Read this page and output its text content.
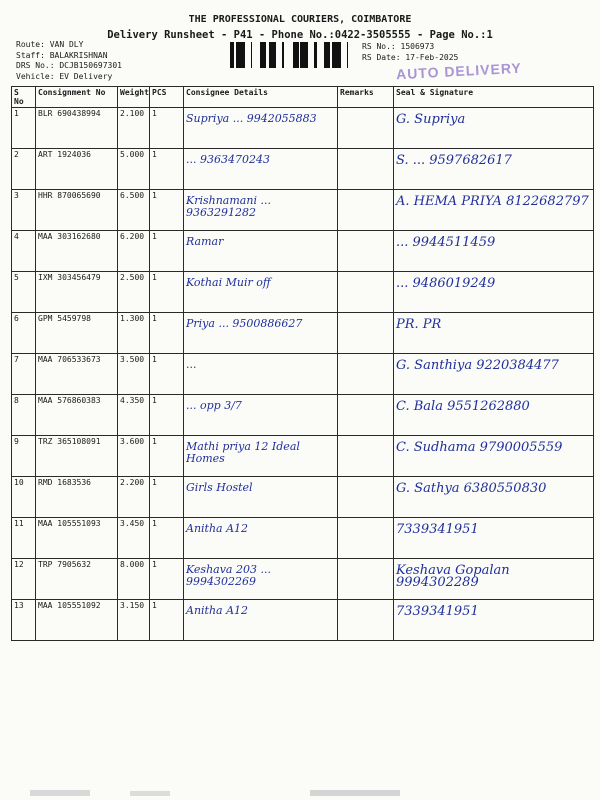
THE PROFESSIONAL COURIERS, COIMBATORE
Delivery Runsheet - P41 - Phone No.:0422-3505555 - Page No.:1
Route: VAN DLY
Staff: BALAKRISHNAN
DRS No.: DCJB150697301
Vehicle: EV Delivery
RS No.: 1506973
RS Date: 17-Feb-2025
AUTO DELIVERY
S No	Consignment No	Weight	PCS	Consignee Details	Remarks	Seal & Signature
1	BLR 690438994	2.100	1	Supriya ... 9942055883		G. Supriya

2	ART 1924036	5.000	1	... 9363470243		S. ... 9597682617

3	HHR 870065690	6.500	1	Krishnamani ... 9363291282		A. HEMA PRIYA 8122682797

4	MAA 303162680	6.200	1	Ramar		... 9944511459

5	IXM 303456479	2.500	1	Kothai Muir off		... 9486019249

6	GPM 5459798	1.300	1	Priya ... 9500886627		PR. PR

7	MAA 706533673	3.500	1	...		G. Santhiya 9220384477

8	MAA 576860383	4.350	1	... opp 3/7		C. Bala 9551262880

9	TRZ 365108091	3.600	1	Mathi priya 12 Ideal Homes		C. Sudhama 9790005559

10	RMD 1683536	2.200	1	Girls Hostel		G. Sathya 6380550830

11	MAA 105551093	3.450	1	Anitha A12		7339341951

12	TRP 7905632	8.000	1	Keshava 203 ... 9994302269		Keshava Gopalan 9994302289

13	MAA 105551092	3.150	1	Anitha A12		7339341951
